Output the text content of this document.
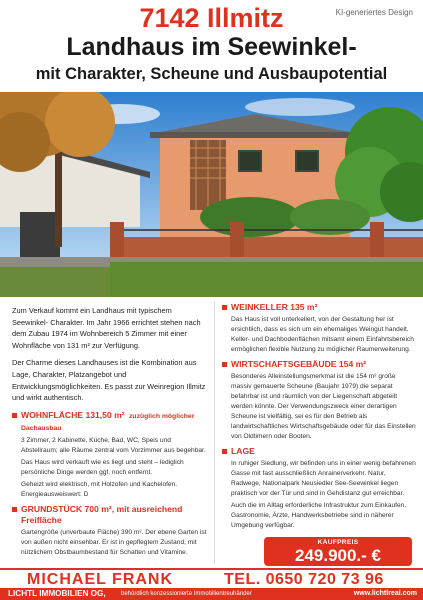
7142 Illmitz
Landhaus im Seewinkel-
mit Charakter, Scheune und Ausbaupotential
KI-generiertes Design

Zum Verkauf kommt ein Landhaus mit typischem Seewinkel- Charakter. Im Jahr 1966 errichtet stehen nach dem Zubau 1974 im Wohnbereich 5 Zimmer mit einer Wohnfläche von 131 m² zur Verfügung.

Der Charme dieses Landhauses ist die Kombination aus Lage, Charakter, Platzangebot und Entwicklungsmöglichkeiten. Es passt zur Weinregion Illmitz und wirkt authentisch.

WOHNFLÄCHE 131,50 m² zuzüglich möglicher Dachausbau

3 Zimmer, 2 Kabinette, Küche, Bad, WC, Speis und Abstellraum; alle Räume zentral vom Vorzimmer aus begehbar.

Das Haus wird verkauft wie es liegt und steht – lediglich persönliche Dinge werden ggf. noch entfernt.

Geheizt wird elektrisch, mit Holzofen und Kachelofen. Energieausweiswert: D

GRUNDSTÜCK 700 m², mit ausreichend Freifläche

Gartengröße (unverbaute Fläche) 390 m². Der ebene Garten ist von außen nicht einsehbar. Er ist in gepflegtem Zustand, mit nützlichem Obstbaumbestand für Schatten und Vitamine.

WEINKELLER 135 m²

Das Haus ist voll unterkellert, von der Gestaltung her ist ersichtlich, dass es sich um ein ehemaliges Weingut handelt. Keller- und Dachbodenflächen mitsamt einem Einfahrtsbereich ermöglichen flexible Nutzung zu möglicher Raumerweiterung.

WIRTSCHAFTSGEBÄUDE 154 m²

Besonderes Alleinstellungsmerkmal ist die 154 m² große massiv gemauerte Scheune (Baujahr 1979) die separat befahrbar ist und räumlich von der Liegenschaft abgeteilt werden könnte. Der Verwendungszweck einer derartigen Scheune ist vielfältig, sei es für den Betrieb als landwirtschaftliches Wirtschaftsgebäude oder für das Einstellen von Oldtimern oder Booten.

LAGE

In ruhiger Siedlung, wir befinden uns in einer wenig befahrenen Gasse mit fast ausschließlich Anrainerverkehr. Natur, Radwege, Nationalpark Neusiedler See-Seewinkel liegen praktisch vor der Tür und sind in Gehdistanz gut erreichbar.

Auch die im Alltag erforderliche Infrastruktur zum Einkaufen, Gastronomie, Ärzte, Handwerksbetriebe sind in näherer Umgebung verfügbar.

KAUFPREIS
249.900.- €
MICHAEL FRANK	TEL. 0650 720 73 96
LICHTL IMMOBILIEN OG,	behördlich konzessionierte Immobilientreuhänder	www.lichtlreal.com
